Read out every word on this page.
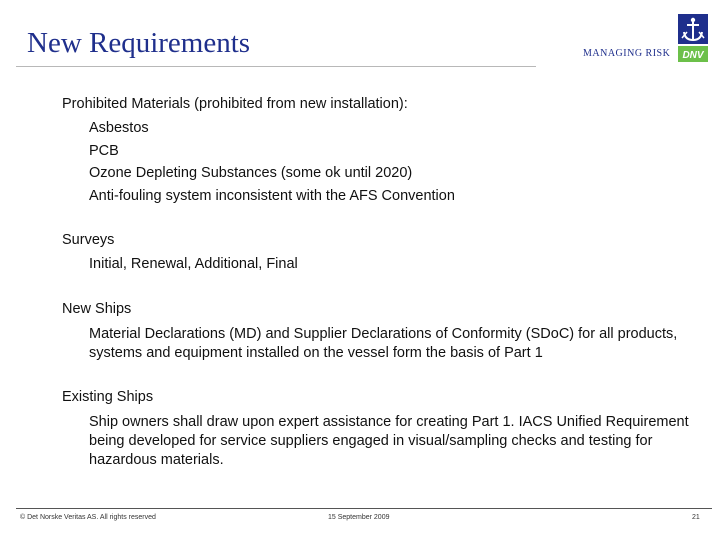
New Requirements	MANAGING RISK DNV
Prohibited Materials (prohibited from new installation):
Asbestos
PCB
Ozone Depleting Substances (some ok until 2020)
Anti-fouling system inconsistent with the AFS Convention
Surveys
Initial, Renewal, Additional, Final
New Ships
Material Declarations (MD) and Supplier Declarations of Conformity (SDoC) for all products, systems and equipment installed on the vessel form the basis of Part 1
Existing Ships
Ship owners shall draw upon expert assistance for creating Part 1. IACS Unified Requirement being developed for service suppliers engaged in visual/sampling checks and testing for hazardous materials.
© Det Norske Veritas AS. All rights reserved	15 September 2009	21
